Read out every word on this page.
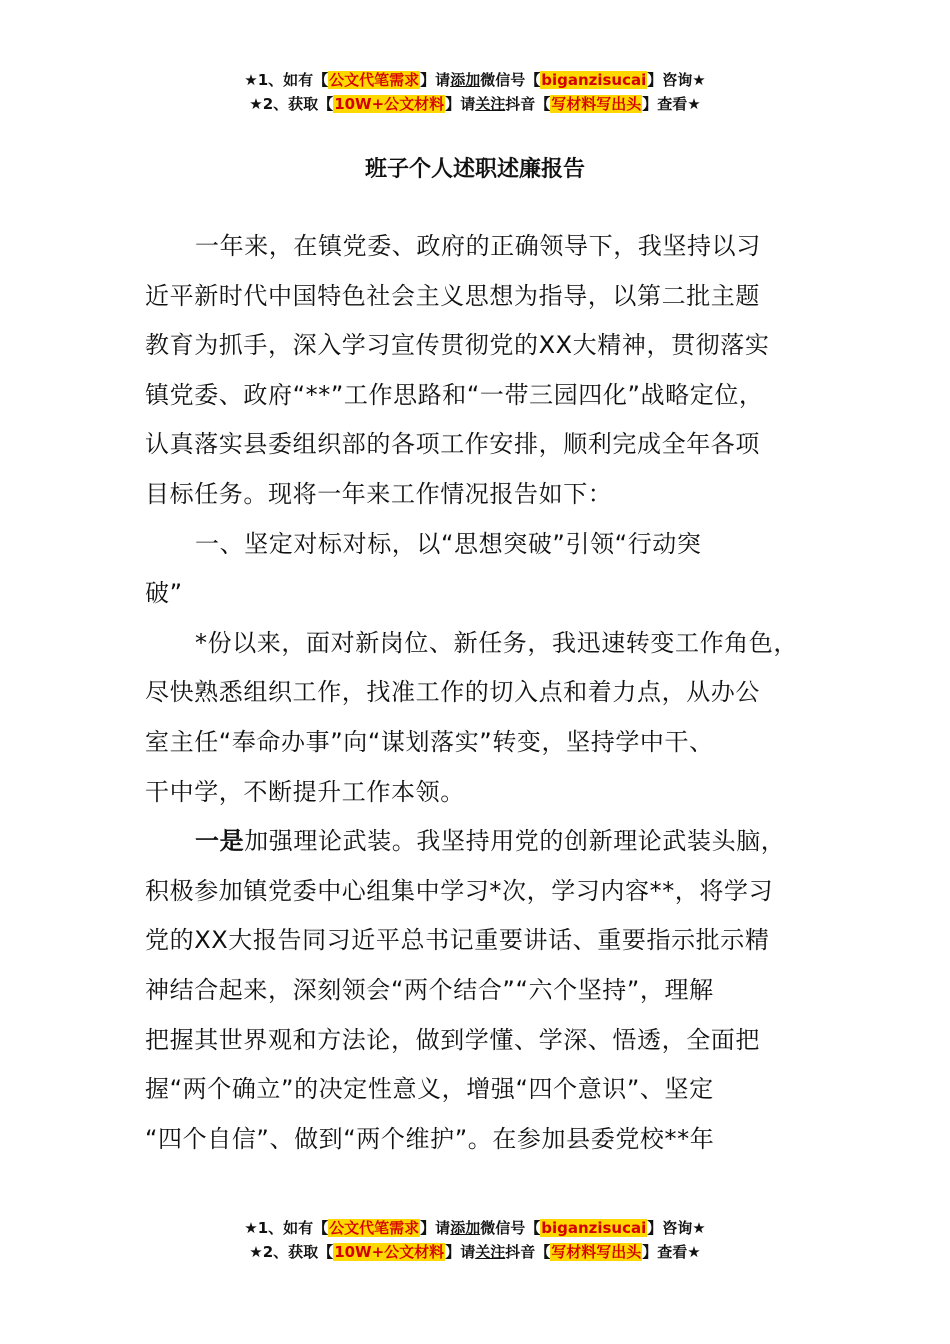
★1、如有【公文代笔需求】请添加微信号【biganzisucai】咨询★
★2、获取【10W+公文材料】请关注抖音【写材料写出头】查看★
班子个人述职述廉报告

一年来，在镇党委、政府的正确领导下，我坚持以习

近平新时代中国特色社会主义思想为指导，以第二批主题

教育为抓手，深入学习宣传贯彻党的XX大精神，贯彻落实

镇党委、政府“**”工作思路和“一带三园四化”战略定位，

认真落实县委组织部的各项工作安排，顺利完成全年各项

目标任务。现将一年来工作情况报告如下：

一、坚定对标对标，以“思想突破”引领“行动突

破”

*份以来，面对新岗位、新任务，我迅速转变工作角色，

尽快熟悉组织工作，找准工作的切入点和着力点，从办公

室主任“奉命办事”向“谋划落实”转变，坚持学中干、

干中学，不断提升工作本领。

一是加强理论武装。我坚持用党的创新理论武装头脑，

积极参加镇党委中心组集中学习*次，学习内容**，将学习

党的XX大报告同习近平总书记重要讲话、重要指示批示精

神结合起来，深刻领会“两个结合”“六个坚持”，理解

把握其世界观和方法论，做到学懂、学深、悟透，全面把

握“两个确立”的决定性意义，增强“四个意识”、坚定

“四个自信”、做到“两个维护”。在参加县委党校**年

★1、如有【公文代笔需求】请添加微信号【biganzisucai】咨询★
★2、获取【10W+公文材料】请关注抖音【写材料写出头】查看★
